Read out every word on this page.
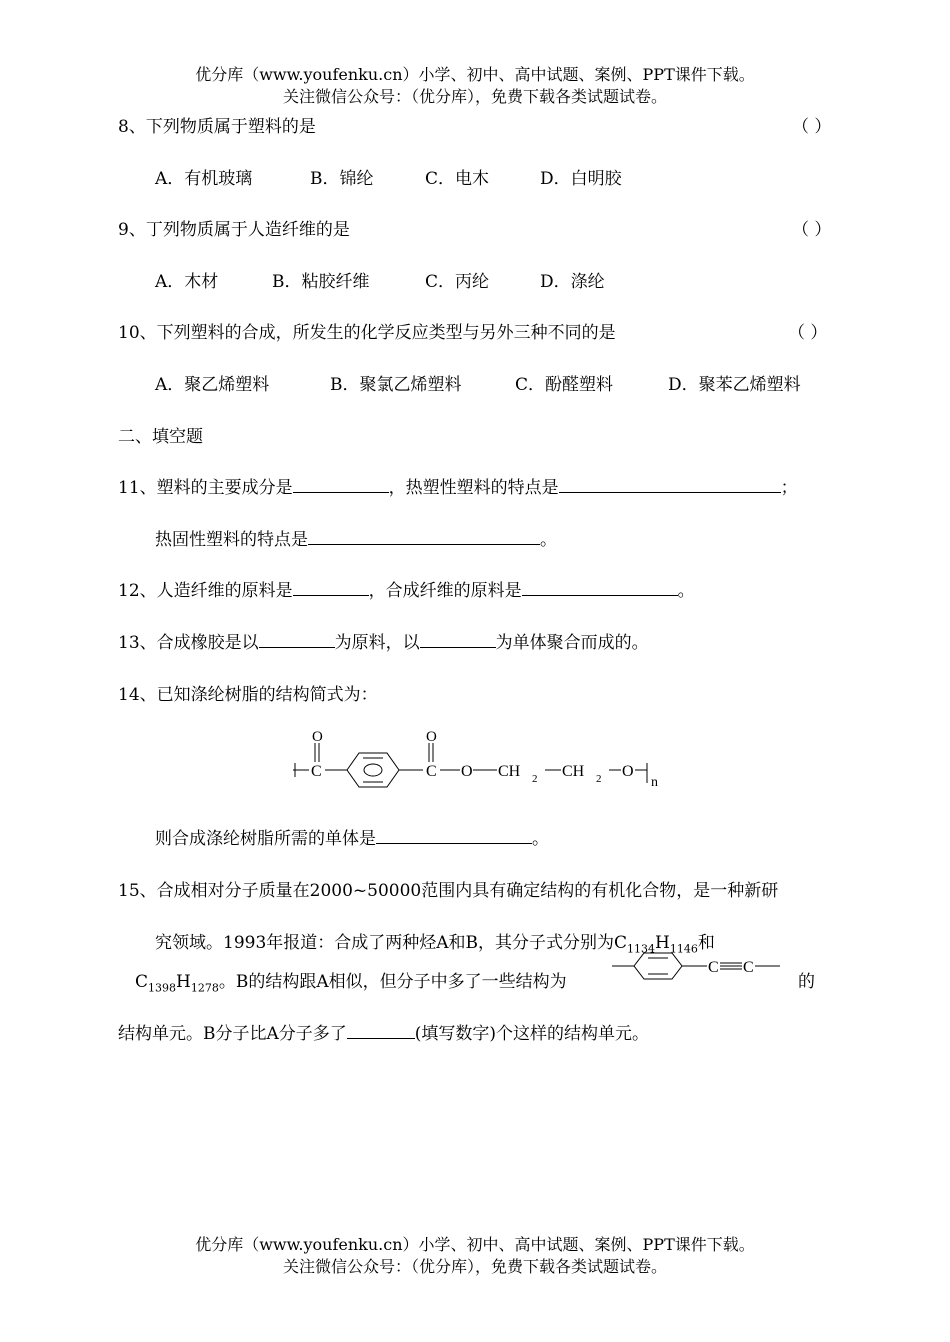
优分库（www.youfenku.cn）小学、初中、高中试题、案例、PPT课件下载。
关注微信公众号：（优分库），免费下载各类试题试卷。
8、下列物质属于塑料的是	（ ）
A．有机玻璃	B．锦纶	C．电木	D．白明胶
9、丁列物质属于人造纤维的是	（ ）
A．木材	B．粘胶纤维	C．丙纶	D．涤纶
10、下列塑料的合成，所发生的化学反应类型与另外三种不同的是	（ ）
A．聚乙烯塑料	B．聚氯乙烯塑料	C．酚醛塑料	D．聚苯乙烯塑料
二、填空题
11、塑料的主要成分是	，热塑性塑料的特点是	；
热固性塑料的特点是	。
12、人造纤维的原料是	，合成纤维的原料是	。
13、合成橡胶是以	为原料，以	为单体聚合而成的。
14、已知涤纶树脂的结构简式为：
O	O
C	C O CH 2 CH 2 O
n
则合成涤纶树脂所需的单体是	。
15、合成相对分子质量在2000~50000范围内具有确定结构的有机化合物，是一种新研
究领域。1993年报道：合成了两种烃A和B，其分子式分别为$C_{1134}H_{1146}$和
$C_{1398}H_{1278}$。B的结构跟A相似，但分子中多了一些结构为
C C
的
结构单元。B分子比A分子多了	(填写数字)个这样的结构单元。
优分库（www.youfenku.cn）小学、初中、高中试题、案例、PPT课件下载。
关注微信公众号：（优分库），免费下载各类试题试卷。
